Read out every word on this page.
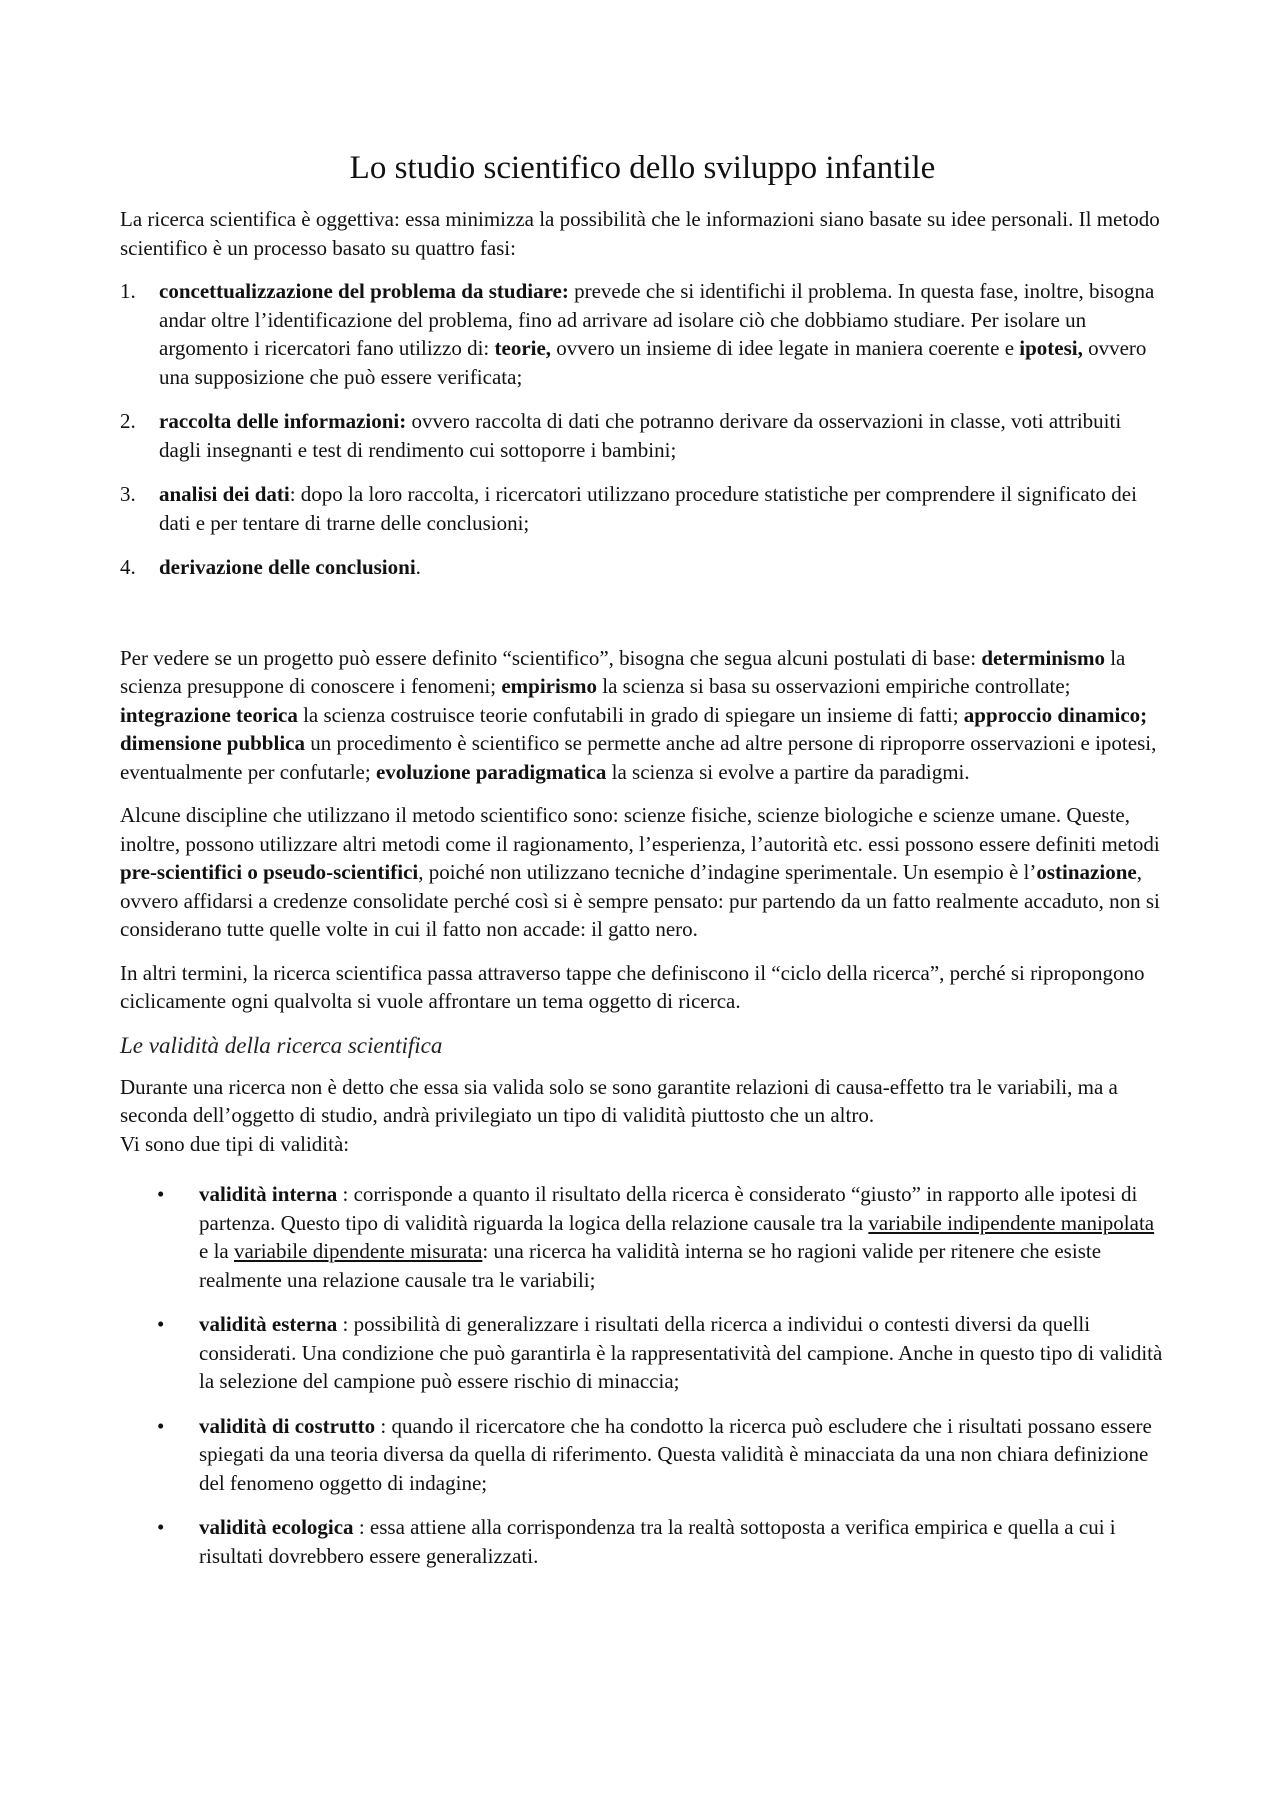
Lo studio scientifico dello sviluppo infantile

La ricerca scientifica è oggettiva: essa minimizza la possibilità che le informazioni siano basate su idee personali. Il metodo scientifico è un processo basato su quattro fasi:

1. concettualizzazione del problema da studiare: prevede che si identifichi il problema. In questa fase, inoltre, bisogna andar oltre l’identificazione del problema, fino ad arrivare ad isolare ciò che dobbiamo studiare. Per isolare un argomento i ricercatori fano utilizzo di: teorie, ovvero un insieme di idee legate in maniera coerente e ipotesi, ovvero una supposizione che può essere verificata;
2. raccolta delle informazioni: ovvero raccolta di dati che potranno derivare da osservazioni in classe, voti attribuiti dagli insegnanti e test di rendimento cui sottoporre i bambini;
3. analisi dei dati: dopo la loro raccolta, i ricercatori utilizzano procedure statistiche per comprendere il significato dei dati e per tentare di trarne delle conclusioni;
4. derivazione delle conclusioni.

Per vedere se un progetto può essere definito “scientifico”, bisogna che segua alcuni postulati di base: determinismo la scienza presuppone di conoscere i fenomeni; empirismo la scienza si basa su osservazioni empiriche controllate; integrazione teorica la scienza costruisce teorie confutabili in grado di spiegare un insieme di fatti; approccio dinamico; dimensione pubblica un procedimento è scientifico se permette anche ad altre persone di riproporre osservazioni e ipotesi, eventualmente per confutarle; evoluzione paradigmatica la scienza si evolve a partire da paradigmi.

Alcune discipline che utilizzano il metodo scientifico sono: scienze fisiche, scienze biologiche e scienze umane. Queste, inoltre, possono utilizzare altri metodi come il ragionamento, l’esperienza, l’autorità etc. essi possono essere definiti metodi pre-scientifici o pseudo-scientifici, poiché non utilizzano tecniche d’indagine sperimentale. Un esempio è l’ostinazione, ovvero affidarsi a credenze consolidate perché così si è sempre pensato: pur partendo da un fatto realmente accaduto, non si considerano tutte quelle volte in cui il fatto non accade: il gatto nero.

In altri termini, la ricerca scientifica passa attraverso tappe che definiscono il “ciclo della ricerca”, perché si ripropongono ciclicamente ogni qualvolta si vuole affrontare un tema oggetto di ricerca.

Le validità della ricerca scientifica

Durante una ricerca non è detto che essa sia valida solo se sono garantite relazioni di causa-effetto tra le variabili, ma a seconda dell’oggetto di studio, andrà privilegiato un tipo di validità piuttosto che un altro.
Vi sono due tipi di validità:

• validità interna : corrisponde a quanto il risultato della ricerca è considerato “giusto” in rapporto alle ipotesi di partenza. Questo tipo di validità riguarda la logica della relazione causale tra la variabile indipendente manipolata e la variabile dipendente misurata: una ricerca ha validità interna se ho ragioni valide per ritenere che esiste realmente una relazione causale tra le variabili;
• validità esterna : possibilità di generalizzare i risultati della ricerca a individui o contesti diversi da quelli considerati. Una condizione che può garantirla è la rappresentatività del campione. Anche in questo tipo di validità la selezione del campione può essere rischio di minaccia;
• validità di costrutto : quando il ricercatore che ha condotto la ricerca può escludere che i risultati possano essere spiegati da una teoria diversa da quella di riferimento. Questa validità è minacciata da una non chiara definizione del fenomeno oggetto di indagine;
• validità ecologica : essa attiene alla corrispondenza tra la realtà sottoposta a verifica empirica e quella a cui i risultati dovrebbero essere generalizzati.
